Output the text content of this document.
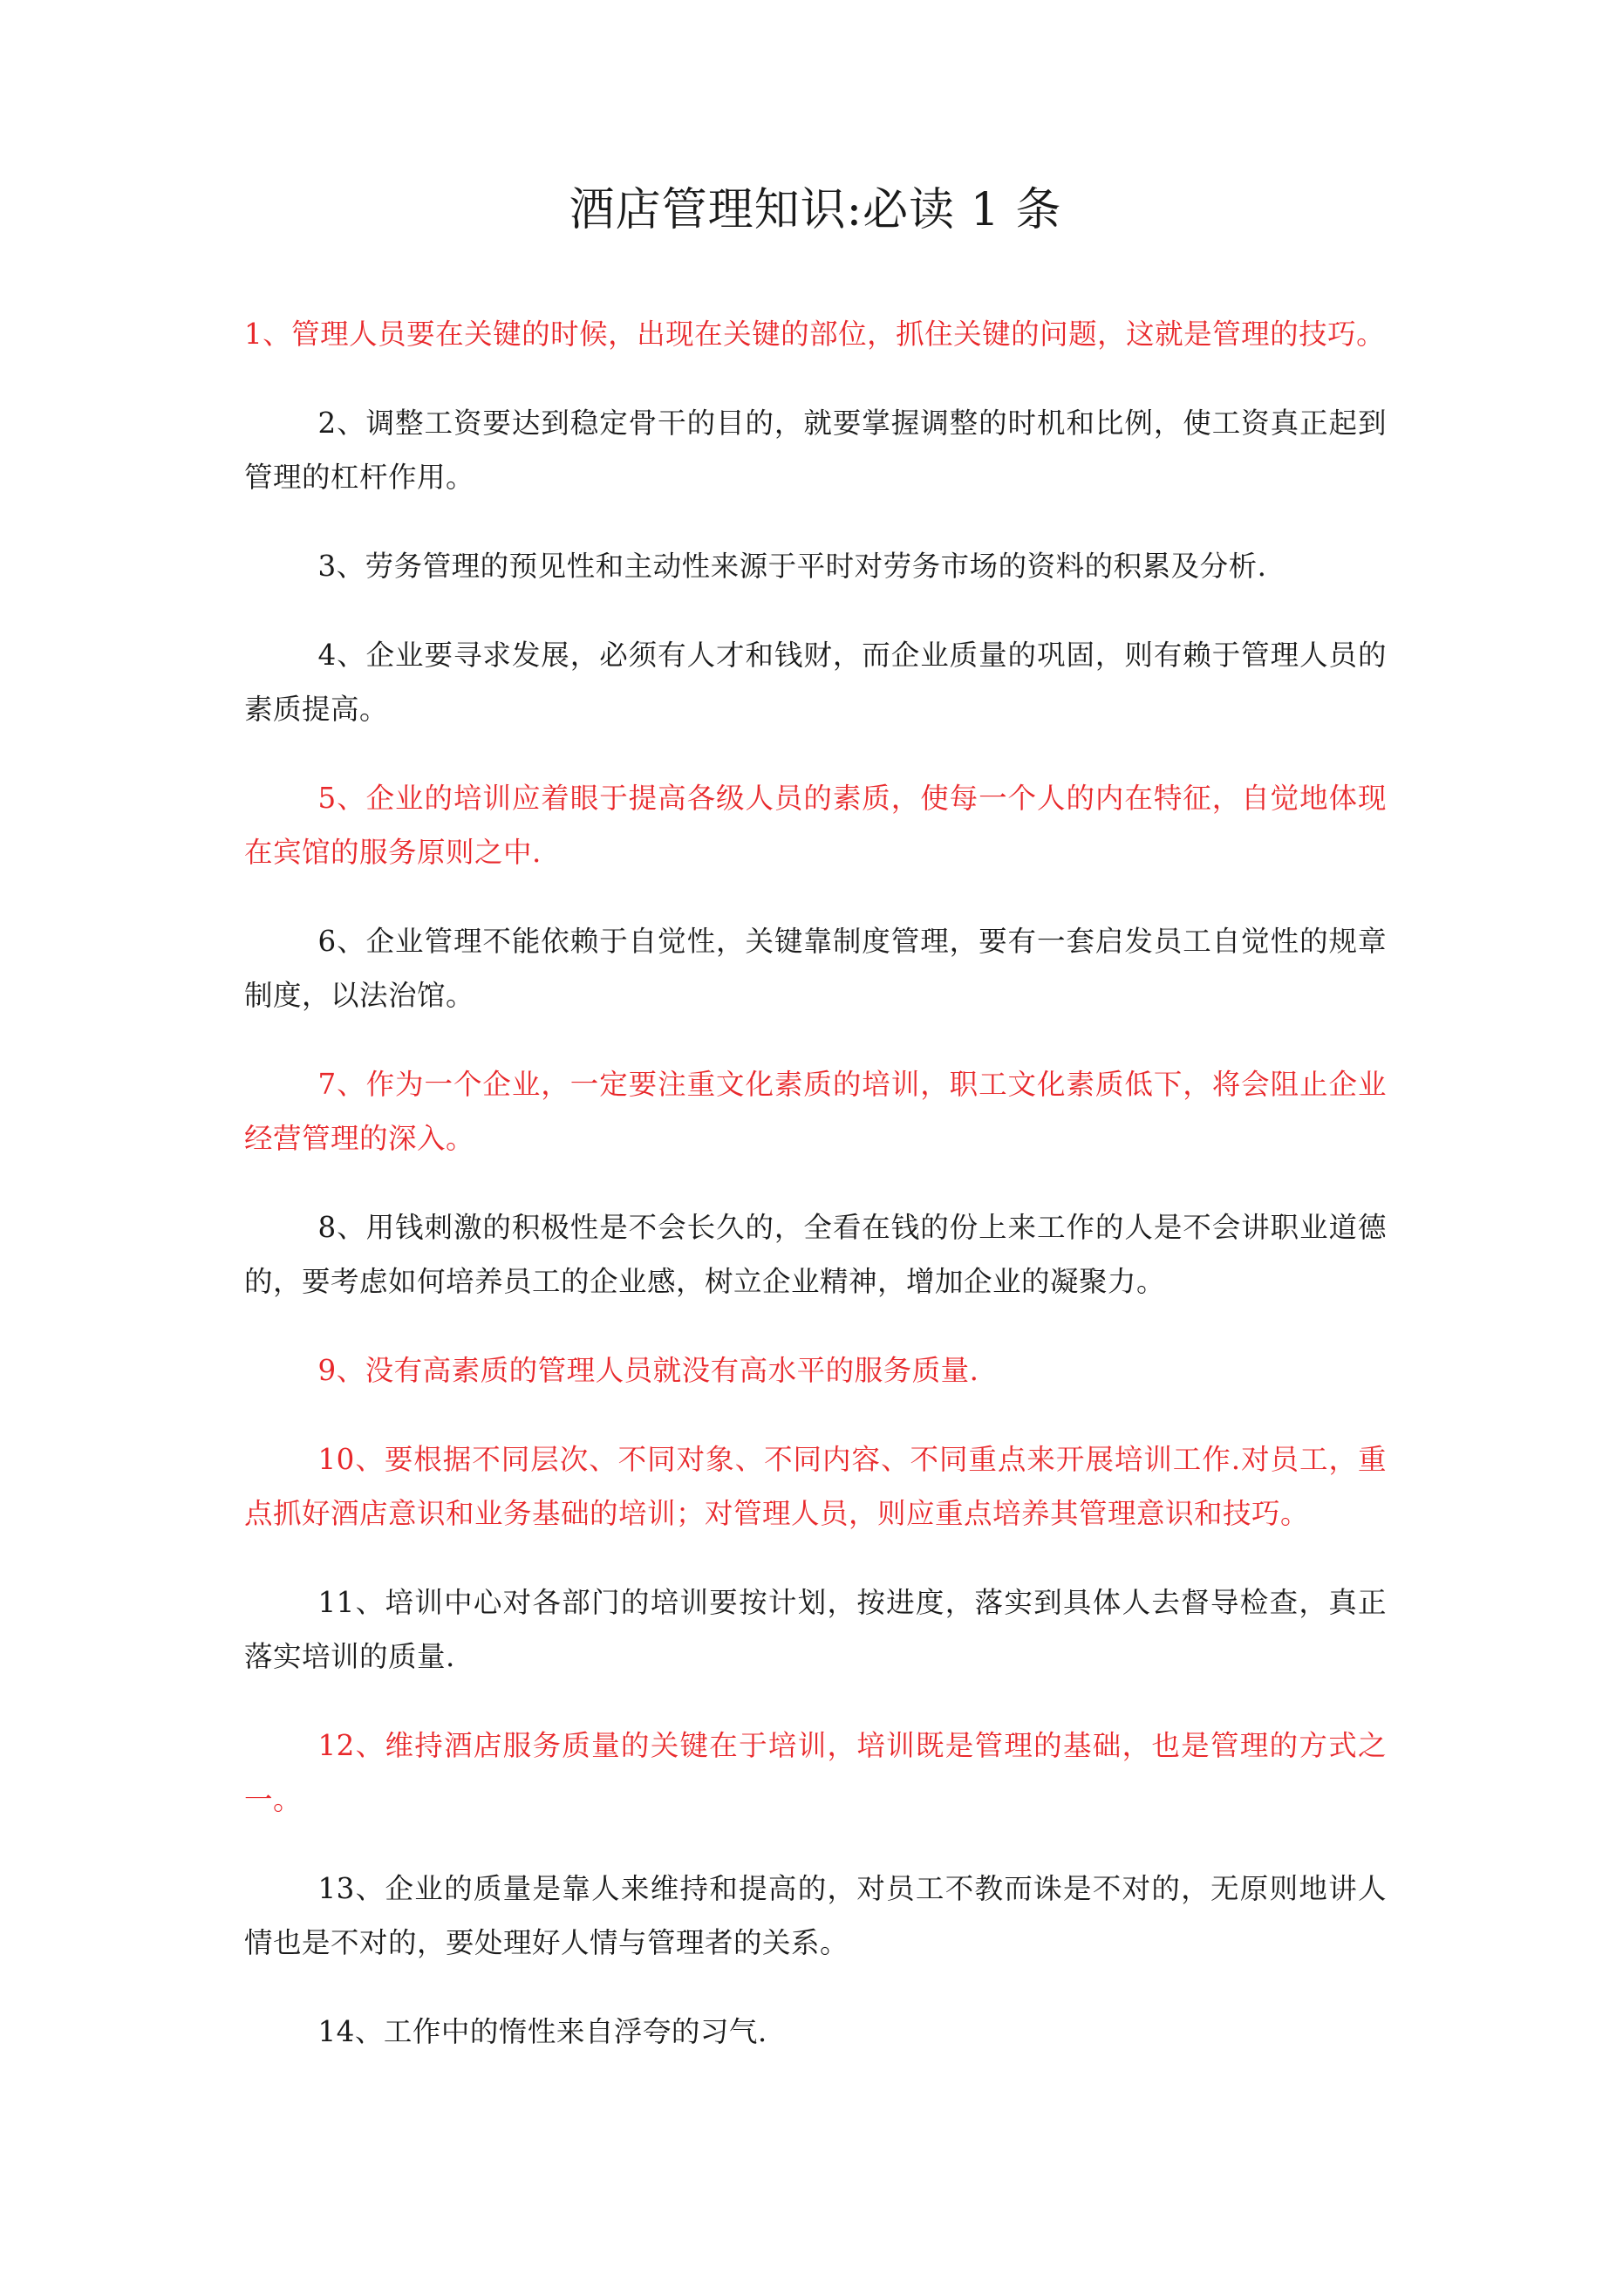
酒店管理知识:必读 1 条

1、管理人员要在关键的时候，出现在关键的部位，抓住关键的问题，这就是管理的技巧。

2、调整工资要达到稳定骨干的目的，就要掌握调整的时机和比例，使工资真正起到管理的杠杆作用。

3、劳务管理的预见性和主动性来源于平时对劳务市场的资料的积累及分析.

4、企业要寻求发展，必须有人才和钱财，而企业质量的巩固，则有赖于管理人员的素质提高。

5、企业的培训应着眼于提高各级人员的素质，使每一个人的内在特征，自觉地体现在宾馆的服务原则之中.

6、企业管理不能依赖于自觉性，关键靠制度管理，要有一套启发员工自觉性的规章制度，以法治馆。

7、作为一个企业，一定要注重文化素质的培训，职工文化素质低下，将会阻止企业经营管理的深入。

8、用钱刺激的积极性是不会长久的，全看在钱的份上来工作的人是不会讲职业道德的，要考虑如何培养员工的企业感，树立企业精神，增加企业的凝聚力。

9、没有高素质的管理人员就没有高水平的服务质量.

10、要根据不同层次、不同对象、不同内容、不同重点来开展培训工作.对员工，重点抓好酒店意识和业务基础的培训；对管理人员，则应重点培养其管理意识和技巧。

11、培训中心对各部门的培训要按计划，按进度，落实到具体人去督导检查，真正落实培训的质量.

12、维持酒店服务质量的关键在于培训，培训既是管理的基础，也是管理的方式之一。

13、企业的质量是靠人来维持和提高的，对员工不教而诛是不对的，无原则地讲人情也是不对的，要处理好人情与管理者的关系。

14、工作中的惰性来自浮夸的习气.
